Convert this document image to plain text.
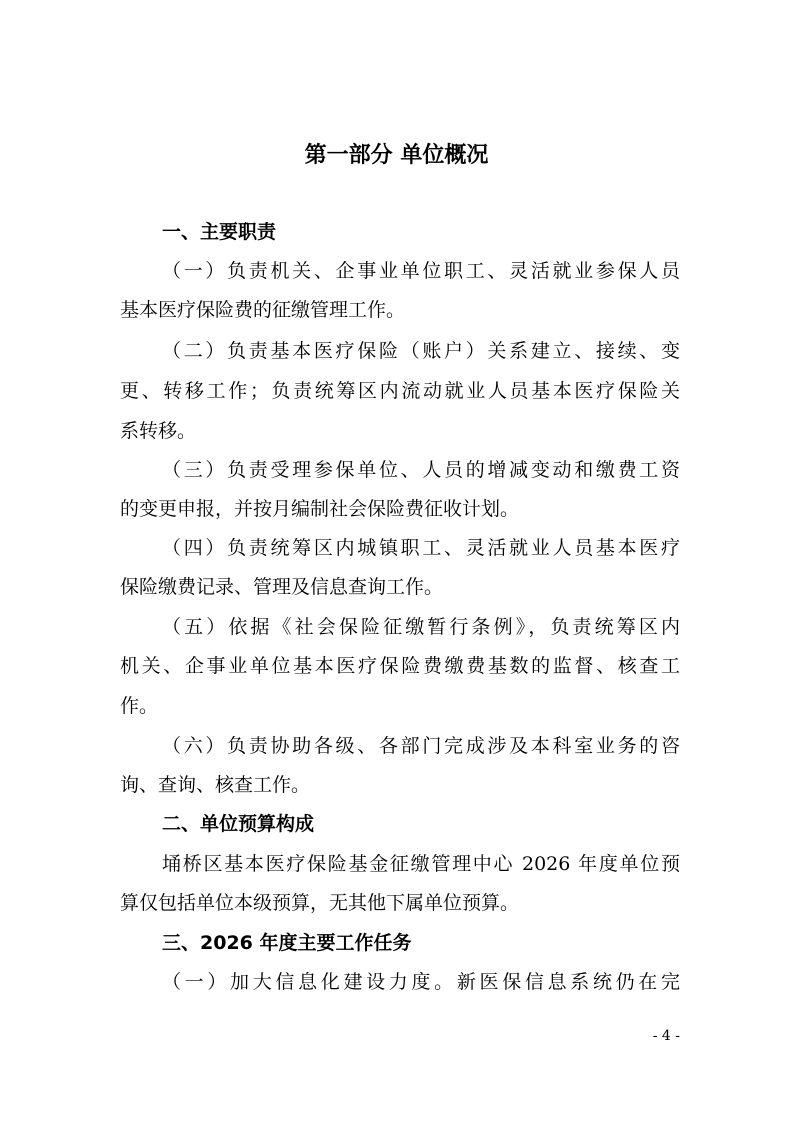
第一部分 单位概况
一、主要职责
（一）负责机关、企事业单位职工、灵活就业参保人员
基本医疗保险费的征缴管理工作。
（二）负责基本医疗保险（账户）关系建立、接续、变
更、转移工作；负责统筹区内流动就业人员基本医疗保险关
系转移。
（三）负责受理参保单位、人员的增减变动和缴费工资
的变更申报，并按月编制社会保险费征收计划。
（四）负责统筹区内城镇职工、灵活就业人员基本医疗
保险缴费记录、管理及信息查询工作。
（五）依据《社会保险征缴暂行条例》，负责统筹区内
机关、企事业单位基本医疗保险费缴费基数的监督、核查工
作。
（六）负责协助各级、各部门完成涉及本科室业务的咨
询、查询、核查工作。
二、单位预算构成
埇桥区基本医疗保险基金征缴管理中心 2026 年度单位预
算仅包括单位本级预算，无其他下属单位预算。
三、2026 年度主要工作任务
（一）加大信息化建设力度。新医保信息系统仍在完
- 4 -
